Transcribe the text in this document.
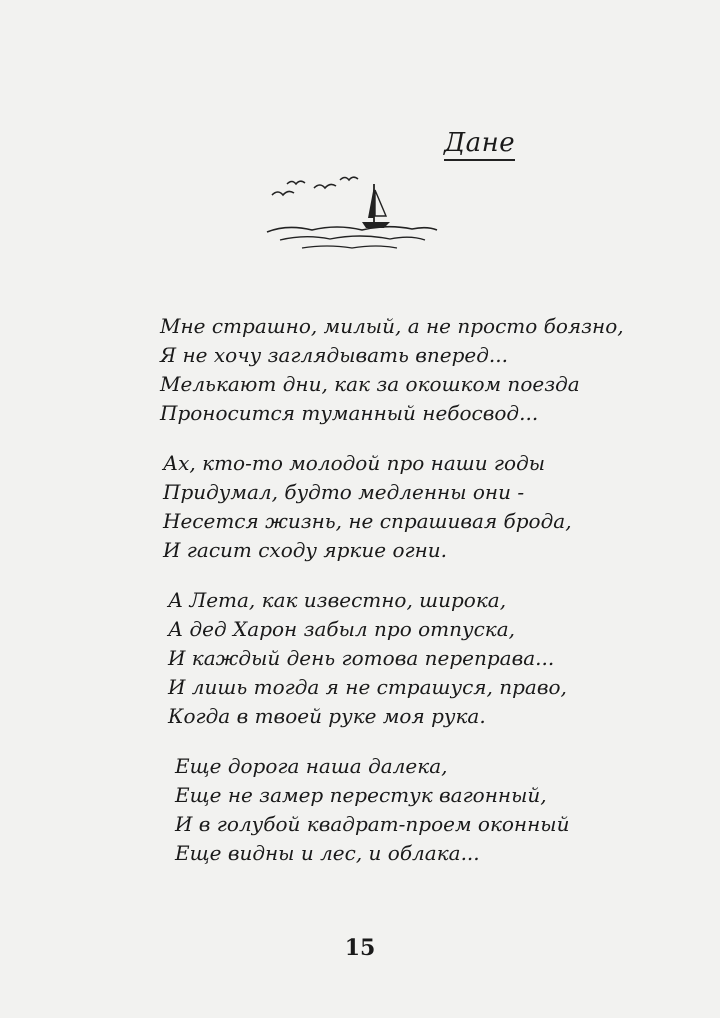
Дане
Мне страшно, милый, а не просто боязно,
Я не хочу заглядывать вперед...
Мелькают дни, как за окошком поезда
Проносится туманный небосвод...
Ах, кто-то молодой про наши годы
Придумал, будто медленны они -
Несется жизнь, не спрашивая брода,
И гасит сходу яркие огни.
А Лета, как известно, широка,
А дед Харон забыл про отпуска,
И каждый день готова переправа...
И лишь тогда я не страшуся, право,
Когда в твоей руке моя рука.
Еще дорога наша далека,
Еще не замер перестук вагонный,
И в голубой квадрат-проем оконный
Еще видны и лес, и облака...
15
